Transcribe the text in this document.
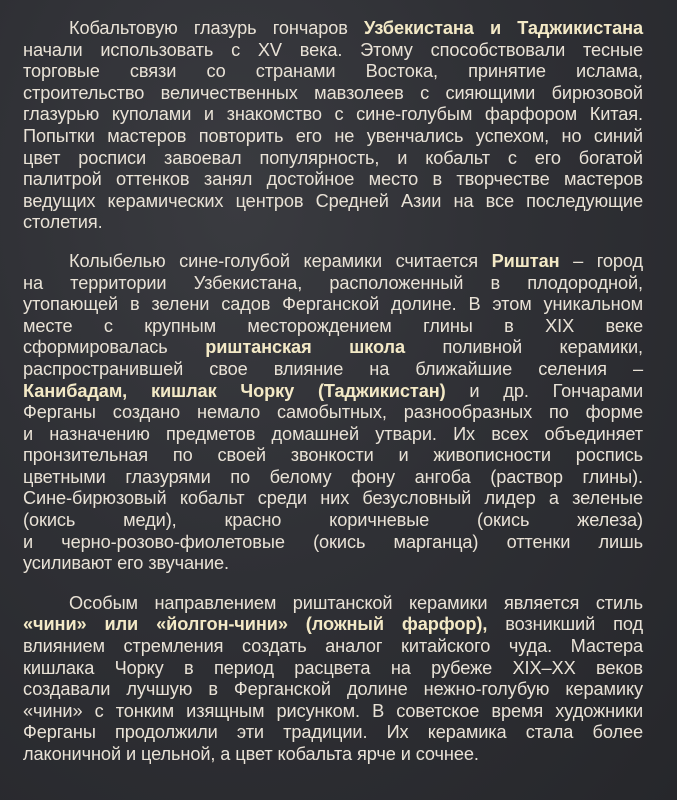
Кобальтовую глазурь гончаров Узбекистана и Таджикистана
начали использовать с XV века. Этому способствовали тесные
торговые связи со странами Востока, принятие ислама,
строительство величественных мавзолеев с сияющими бирюзовой
глазурью куполами и знакомство с сине-голубым фарфором Китая.
Попытки мастеров повторить его не увенчались успехом, но синий
цвет росписи завоевал популярность, и кобальт с его богатой
палитрой оттенков занял достойное место в творчестве мастеров
ведущих керамических центров Средней Азии на все последующие
столетия.
Колыбелью сине-голубой керамики считается Риштан – город
на территории Узбекистана, расположенный в плодородной,
утопающей в зелени садов Ферганской долине. В этом уникальном
месте с крупным месторождением глины в XIX веке
сформировалась риштанская школа поливной керамики,
распространившей свое влияние на ближайшие селения –
Канибадам, кишлак Чорку (Таджикистан) и др. Гончарами
Ферганы создано немало самобытных, разнообразных по форме
и назначению предметов домашней утвари. Их всех объединяет
пронзительная по своей звонкости и живописности роспись
цветными глазурями по белому фону ангоба (раствор глины).
Сине-бирюзовый кобальт среди них безусловный лидер а зеленые
(окись меди), красно коричневые (окись железа)
и черно-розово-фиолетовые (окись марганца) оттенки лишь
усиливают его звучание.
Особым направлением риштанской керамики является стиль
«чини» или «йолгон-чини» (ложный фарфор), возникший под
влиянием стремления создать аналог китайского чуда. Мастера
кишлака Чорку в период расцвета на рубеже XIX–XX веков
создавали лучшую в Ферганской долине нежно-голубую керамику
«чини» с тонким изящным рисунком. В советское время художники
Ферганы продолжили эти традиции. Их керамика стала более
лаконичной и цельной, а цвет кобальта ярче и сочнее.
